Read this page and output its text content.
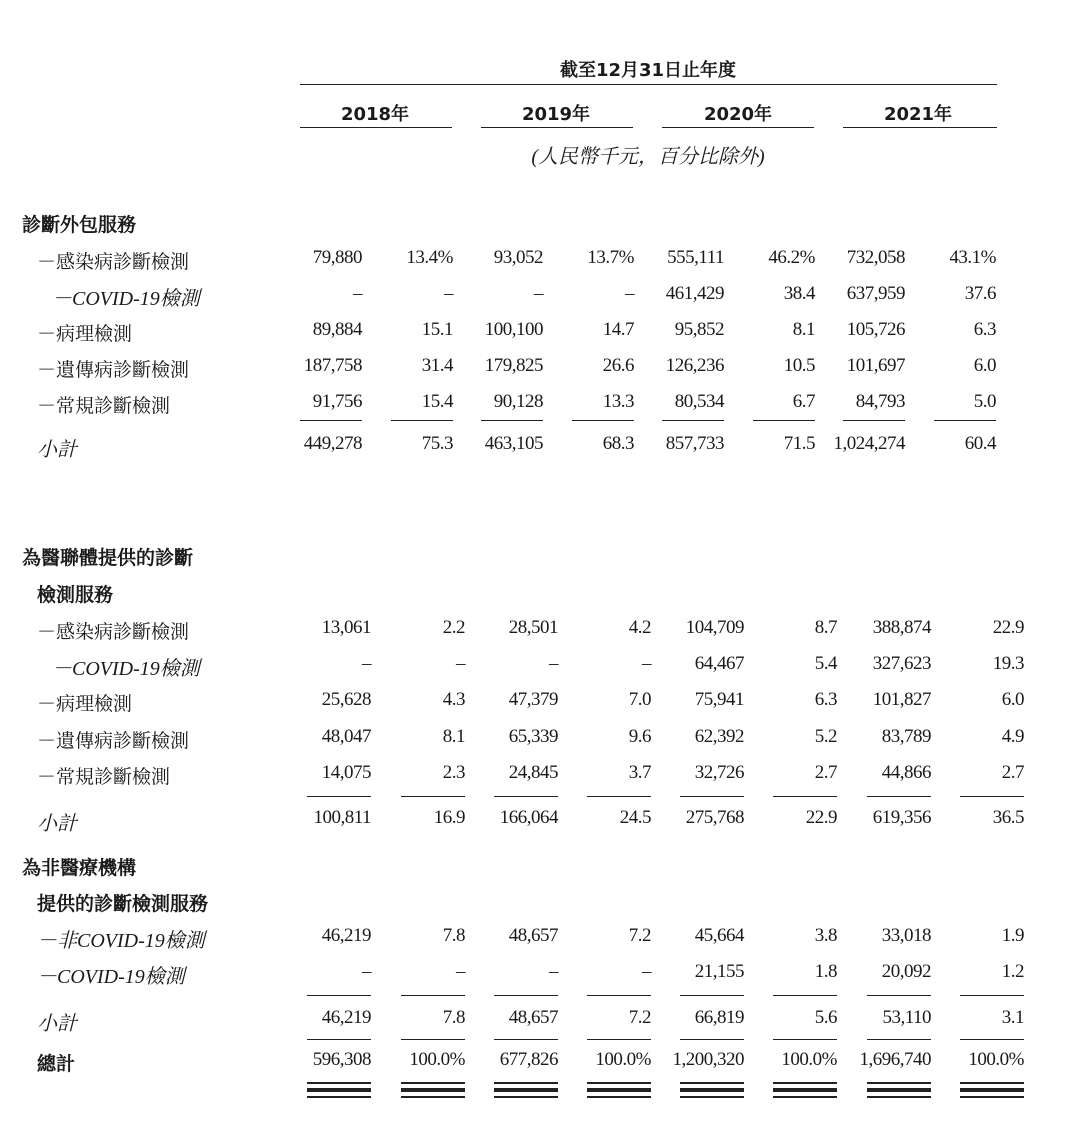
截至12月31日止年度
2018年	2019年	2020年	2021年
(人民幣千元，百分比除外)
診斷外包服務
－感染病診斷檢測	79,880 13.4% 93,052 13.7% 555,111 46.2% 732,058 43.1%
－COVID-19檢測	–	–	–	– 461,429	38.4 637,959	37.6
－病理檢測	89,884	15.1 100,100	14.7 95,852	8.1 105,726	6.3
－遺傳病診斷檢測	187,758	31.4 179,825	26.6 126,236	10.5 101,697	6.0
－常規診斷檢測	91,756	15.4 90,128	13.3 80,534	6.7 84,793	5.0
小計	449,278	75.3 463,105	68.3 857,733	71.5 1,024,274	60.4
為醫聯體提供的診斷
檢測服務
－感染病診斷檢測	13,061	2.2 28,501	4.2 104,709	8.7 388,874	22.9
－COVID-19檢測	–	–	–	– 64,467	5.4 327,623	19.3
－病理檢測	25,628	4.3 47,379	7.0 75,941	6.3 101,827	6.0
－遺傳病診斷檢測	48,047	8.1 65,339	9.6 62,392	5.2 83,789	4.9
－常規診斷檢測	14,075	2.3 24,845	3.7 32,726	2.7 44,866	2.7
小計	100,811	16.9 166,064	24.5 275,768	22.9 619,356	36.5
為非醫療機構
提供的診斷檢測服務
－非COVID-19檢測	46,219	7.8 48,657	7.2 45,664	3.8 33,018	1.9
－COVID-19檢測	–	–	–	– 21,155	1.8 20,092	1.2
小計	46,219	7.8 48,657	7.2 66,819	5.6 53,110	3.1
總計	596,308 100.0% 677,826 100.0% 1,200,320 100.0% 1,696,740 100.0%
